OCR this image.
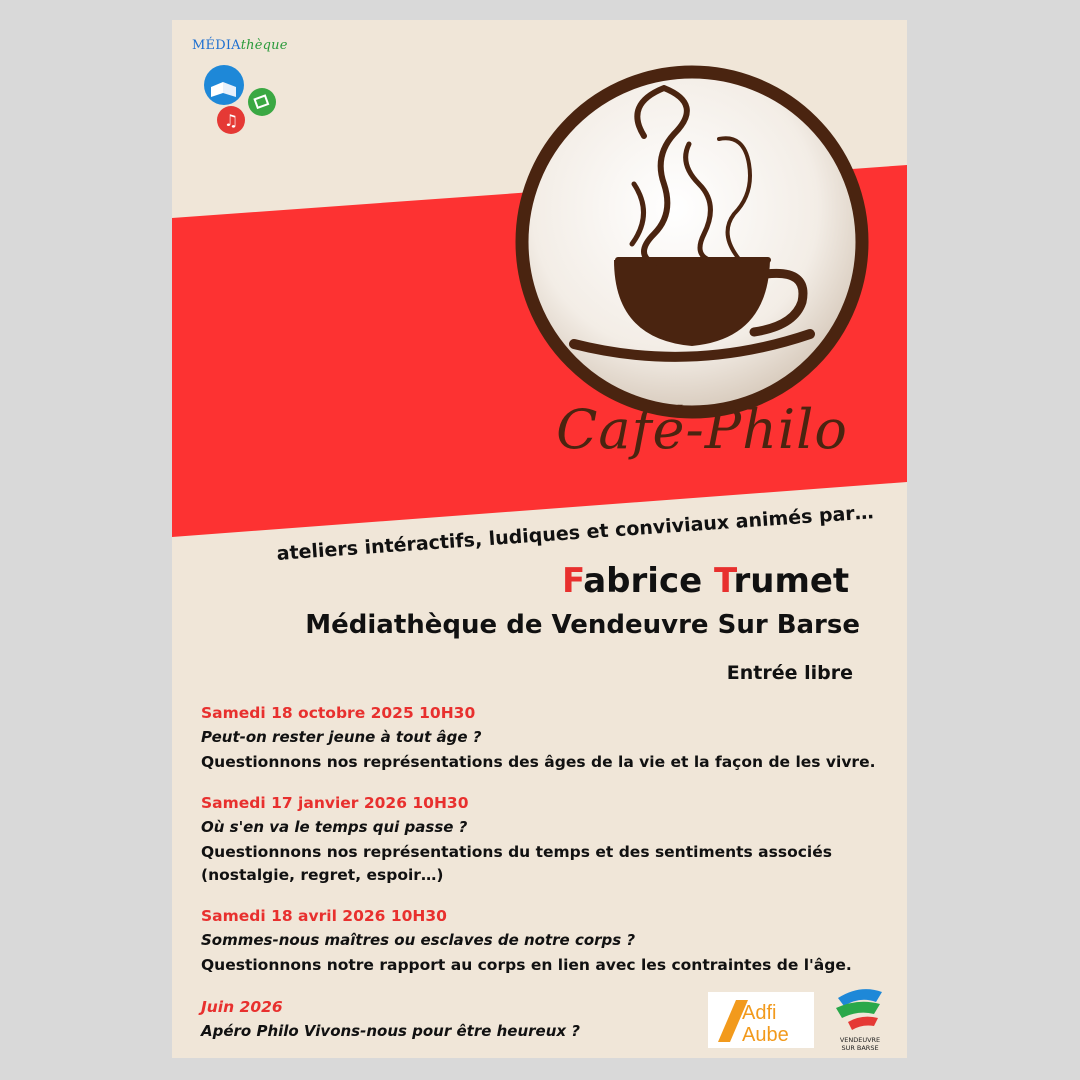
MÉDIAthèque
♫
Café-Philo
ateliers intéractifs, ludiques et conviviaux animés par…
Fabrice Trumet
Médiathèque de Vendeuvre Sur Barse
Entrée libre
Samedi 18 octobre 2025 10H30
Peut-on rester jeune à tout âge ?
Questionnons nos représentations des âges de la vie et la façon de les vivre.
Samedi 17 janvier 2026 10H30
Où s'en va le temps qui passe ?
Questionnons nos représentations du temps et des sentiments associés (nostalgie, regret, espoir…)
Samedi 18 avril 2026 10H30
Sommes-nous maîtres ou esclaves de notre corps ?
Questionnons notre rapport au corps en lien avec les contraintes de l'âge.
Juin 2026
Apéro Philo Vivons-nous pour être heureux ?
Adfi
Aube	VENDEUVRE
SUR BARSE
